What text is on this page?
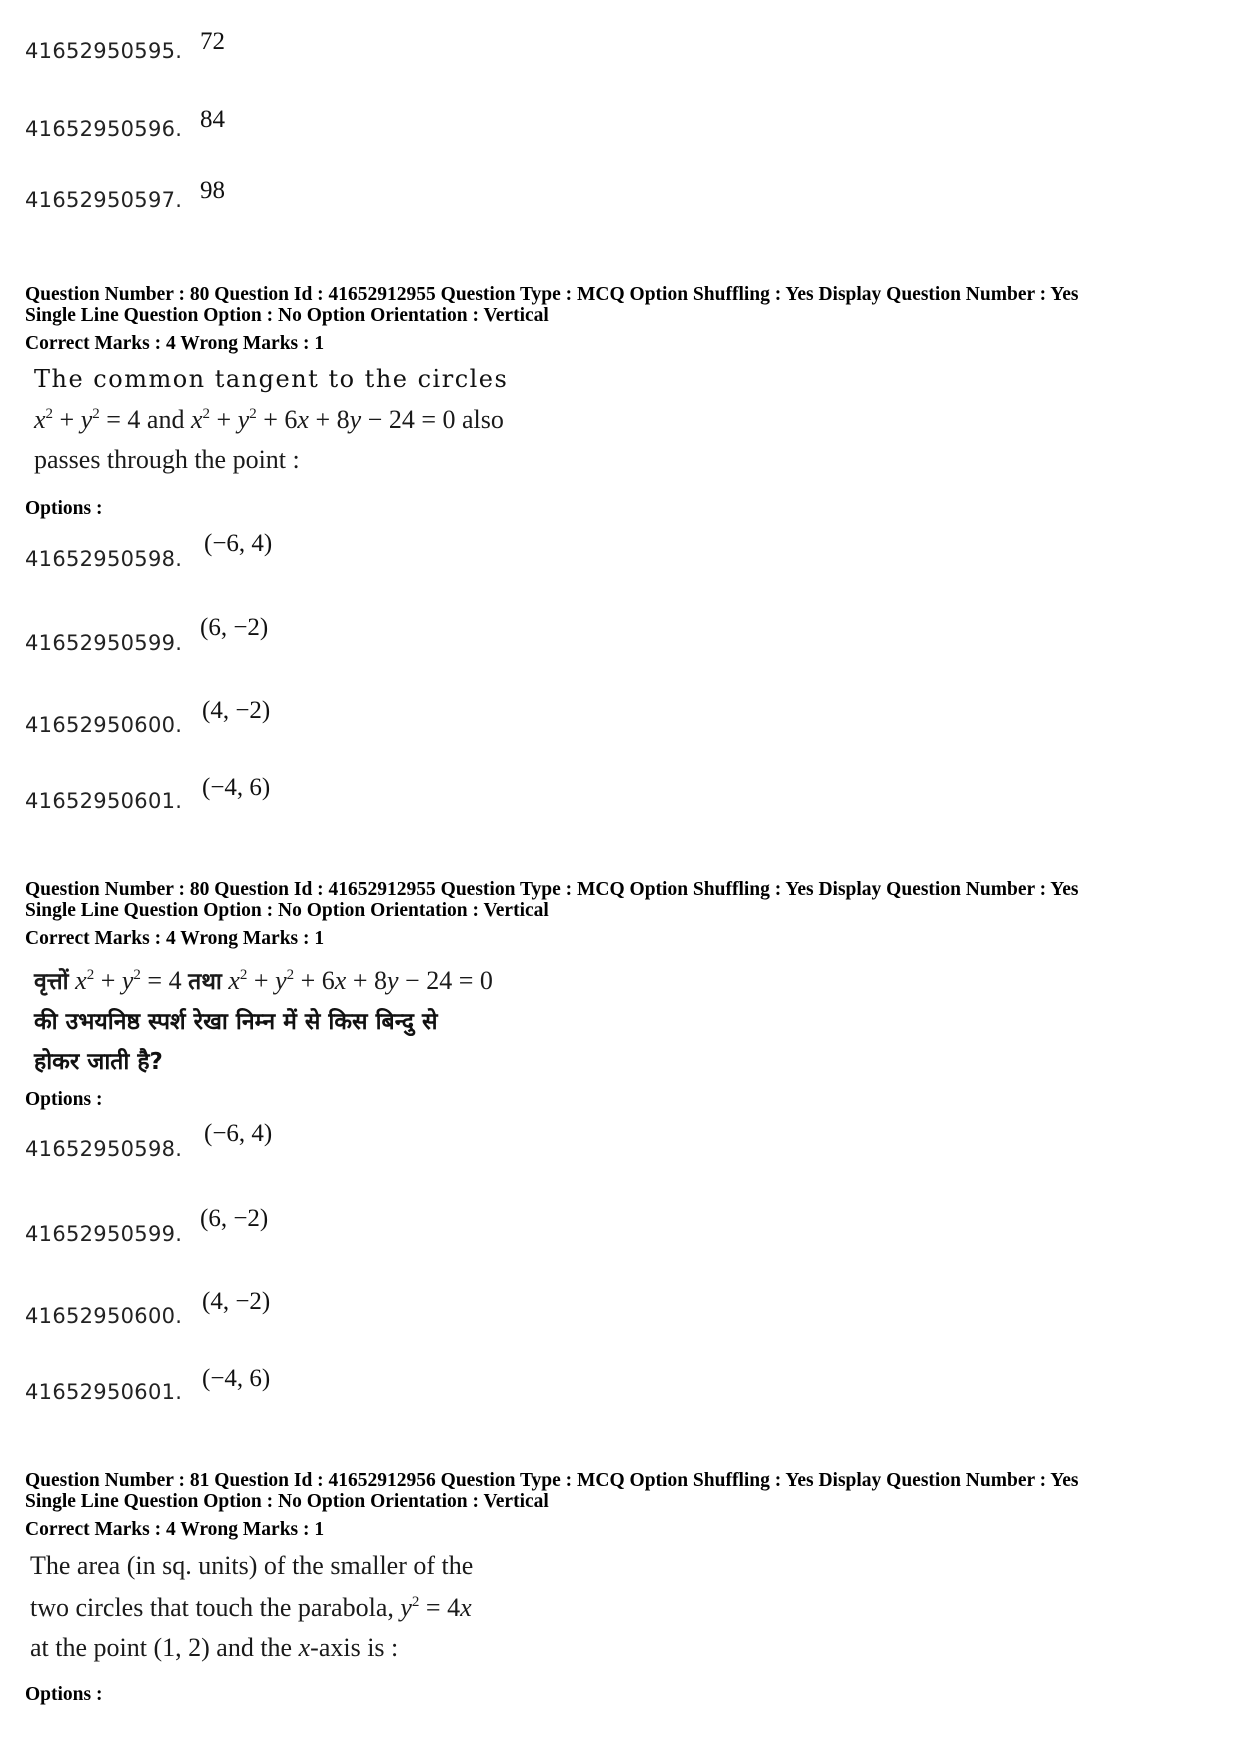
41652950595. 72
41652950596. 84
41652950597. 98
Question Number : 80 Question Id : 41652912955 Question Type : MCQ Option Shuffling : Yes Display Question Number : Yes
Single Line Question Option : No Option Orientation : Vertical
Correct Marks : 4 Wrong Marks : 1
The common tangent to the circles
$x^2 + y^2 = 4$ and $x^2 + y^2 + 6x + 8y - 24 = 0$ also
passes through the point :
Options :
41652950598.
(−6, 4)
41652950599.
(6, −2)
41652950600.
(4, −2)
41652950601. (−4, 6)
Question Number : 80 Question Id : 41652912955 Question Type : MCQ Option Shuffling : Yes Display Question Number : Yes
Single Line Question Option : No Option Orientation : Vertical
Correct Marks : 4 Wrong Marks : 1
वृत्तों $x^2 + y^2 = 4$ तथा $x^2 + y^2 + 6x + 8y - 24 = 0$
की उभयनिष्ठ स्पर्श रेखा निम्न में से किस बिन्दु से
होकर जाती है?
Options :
41652950598.
(−6, 4)
41652950599.
(6, −2)
41652950600.
(4, −2)
41652950601. (−4, 6)
Question Number : 81 Question Id : 41652912956 Question Type : MCQ Option Shuffling : Yes Display Question Number : Yes
Single Line Question Option : No Option Orientation : Vertical
Correct Marks : 4 Wrong Marks : 1
The area (in sq. units) of the smaller of the
two circles that touch the parabola, $y^2 = 4x$
at the point (1, 2) and the x-axis is :
Options :
